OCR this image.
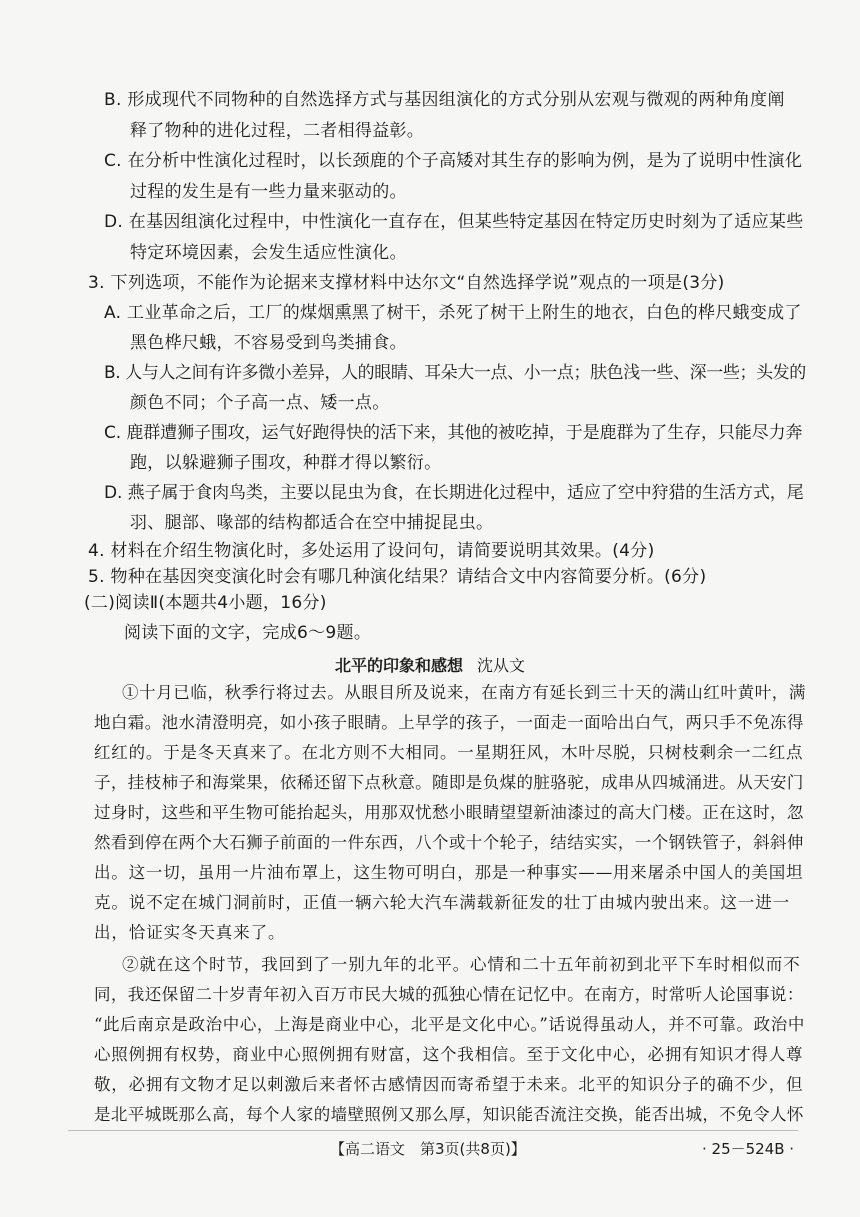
B. 形成现代不同物种的自然选择方式与基因组演化的方式分别从宏观与微观的两种角度阐
释了物种的进化过程，二者相得益彰。
C. 在分析中性演化过程时，以长颈鹿的个子高矮对其生存的影响为例，是为了说明中性演化
过程的发生是有一些力量来驱动的。
D. 在基因组演化过程中，中性演化一直存在，但某些特定基因在特定历史时刻为了适应某些
特定环境因素，会发生适应性演化。
3. 下列选项，不能作为论据来支撑材料中达尔文“自然选择学说”观点的一项是(3分)
A. 工业革命之后，工厂的煤烟熏黑了树干，杀死了树干上附生的地衣，白色的桦尺蛾变成了
黑色桦尺蛾，不容易受到鸟类捕食。
B. 人与人之间有许多微小差异，人的眼睛、耳朵大一点、小一点；肤色浅一些、深一些；头发的
颜色不同；个子高一点、矮一点。
C. 鹿群遭狮子围攻，运气好跑得快的活下来，其他的被吃掉，于是鹿群为了生存，只能尽力奔
跑，以躲避狮子围攻，种群才得以繁衍。
D. 燕子属于食肉鸟类，主要以昆虫为食，在长期进化过程中，适应了空中狩猎的生活方式，尾
羽、腿部、喙部的结构都适合在空中捕捉昆虫。
4. 材料在介绍生物演化时，多处运用了设问句，请简要说明其效果。(4分)
5. 物种在基因突变演化时会有哪几种演化结果？请结合文中内容简要分析。(6分)
(二)阅读Ⅱ(本题共4小题，16分)
阅读下面的文字，完成6～9题。
北平的印象和感想 沈从文
①十月已临，秋季行将过去。从眼目所及说来，在南方有延长到三十天的满山红叶黄叶，满
地白霜。池水清澄明亮，如小孩子眼睛。上早学的孩子，一面走一面哈出白气，两只手不免冻得
红红的。于是冬天真来了。在北方则不大相同。一星期狂风，木叶尽脱，只树枝剩余一二红点
子，挂枝柿子和海棠果，依稀还留下点秋意。随即是负煤的脏骆驼，成串从四城涌进。从天安门
过身时，这些和平生物可能抬起头，用那双忧愁小眼睛望望新油漆过的高大门楼。正在这时，忽
然看到停在两个大石狮子前面的一件东西，八个或十个轮子，结结实实，一个钢铁管子，斜斜伸
出。这一切，虽用一片油布罩上，这生物可明白，那是一种事实——用来屠杀中国人的美国坦
克。说不定在城门洞前时，正值一辆六轮大汽车满载新征发的壮丁由城内驶出来。这一进一
出，恰证实冬天真来了。
②就在这个时节，我回到了一别九年的北平。心情和二十五年前初到北平下车时相似而不
同，我还保留二十岁青年初入百万市民大城的孤独心情在记忆中。在南方，时常听人论国事说：
“此后南京是政治中心，上海是商业中心，北平是文化中心。”话说得虽动人，并不可靠。政治中
心照例拥有权势，商业中心照例拥有财富，这个我相信。至于文化中心，必拥有知识才得人尊
敬，必拥有文物才足以刺激后来者怀古感情因而寄希望于未来。北平的知识分子的确不少，但
是北平城既那么高，每个人家的墙壁照例又那么厚，知识能否流注交换，能否出城，不免令人怀
【高二语文　第3页(共8页)】	· 25－524B ·
